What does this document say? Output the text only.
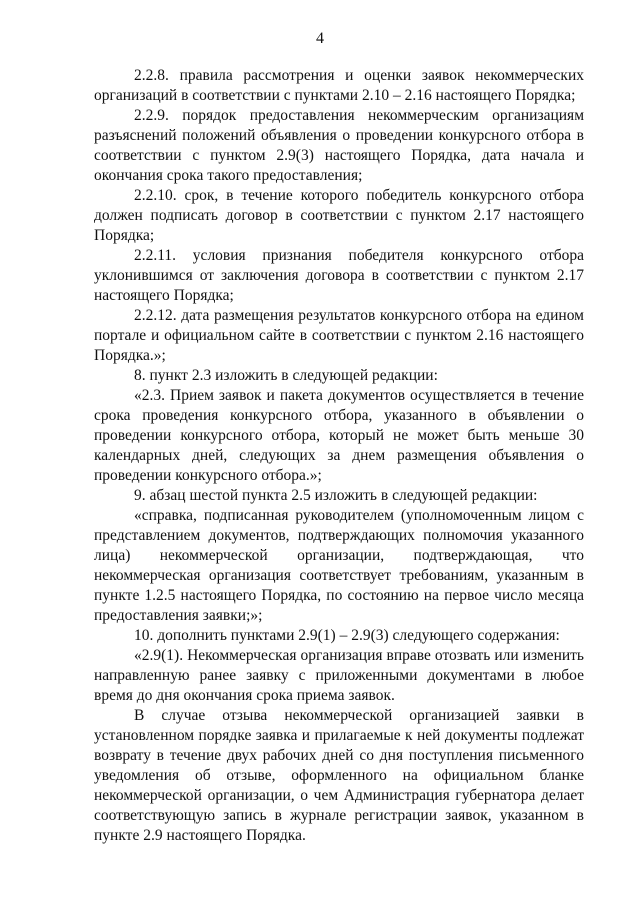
4

2.2.8. правила рассмотрения и оценки заявок некоммерческих организаций в соответствии с пунктами 2.10 – 2.16 настоящего Порядка;

2.2.9. порядок предоставления некоммерческим организациям разъяснений положений объявления о проведении конкурсного отбора в соответствии с пунктом 2.9(3) настоящего Порядка, дата начала и окончания срока такого предоставления;

2.2.10. срок, в течение которого победитель конкурсного отбора должен подписать договор в соответствии с пунктом 2.17 настоящего Порядка;

2.2.11. условия признания победителя конкурсного отбора уклонившимся от заключения договора в соответствии с пунктом 2.17 настоящего Порядка;

2.2.12. дата размещения результатов конкурсного отбора на едином портале и официальном сайте в соответствии с пунктом 2.16 настоящего Порядка.»;

8. пункт 2.3 изложить в следующей редакции:

«2.3. Прием заявок и пакета документов осуществляется в течение срока проведения конкурсного отбора, указанного в объявлении о проведении конкурсного отбора, который не может быть меньше 30 календарных дней, следующих за днем размещения объявления о проведении конкурсного отбора.»;

9. абзац шестой пункта 2.5 изложить в следующей редакции:

«справка, подписанная руководителем (уполномоченным лицом с представлением документов, подтверждающих полномочия указанного лица) некоммерческой организации, подтверждающая, что некоммерческая организация соответствует требованиям, указанным в пункте 1.2.5 настоящего Порядка, по состоянию на первое число месяца предоставления заявки;»;

10. дополнить пунктами 2.9(1) – 2.9(3) следующего содержания:

«2.9(1). Некоммерческая организация вправе отозвать или изменить направленную ранее заявку с приложенными документами в любое время до дня окончания срока приема заявок.

В случае отзыва некоммерческой организацией заявки в установленном порядке заявка и прилагаемые к ней документы подлежат возврату в течение двух рабочих дней со дня поступления письменного уведомления об отзыве, оформленного на официальном бланке некоммерческой организации, о чем Администрация губернатора делает соответствующую запись в журнале регистрации заявок, указанном в пункте 2.9 настоящего Порядка.
